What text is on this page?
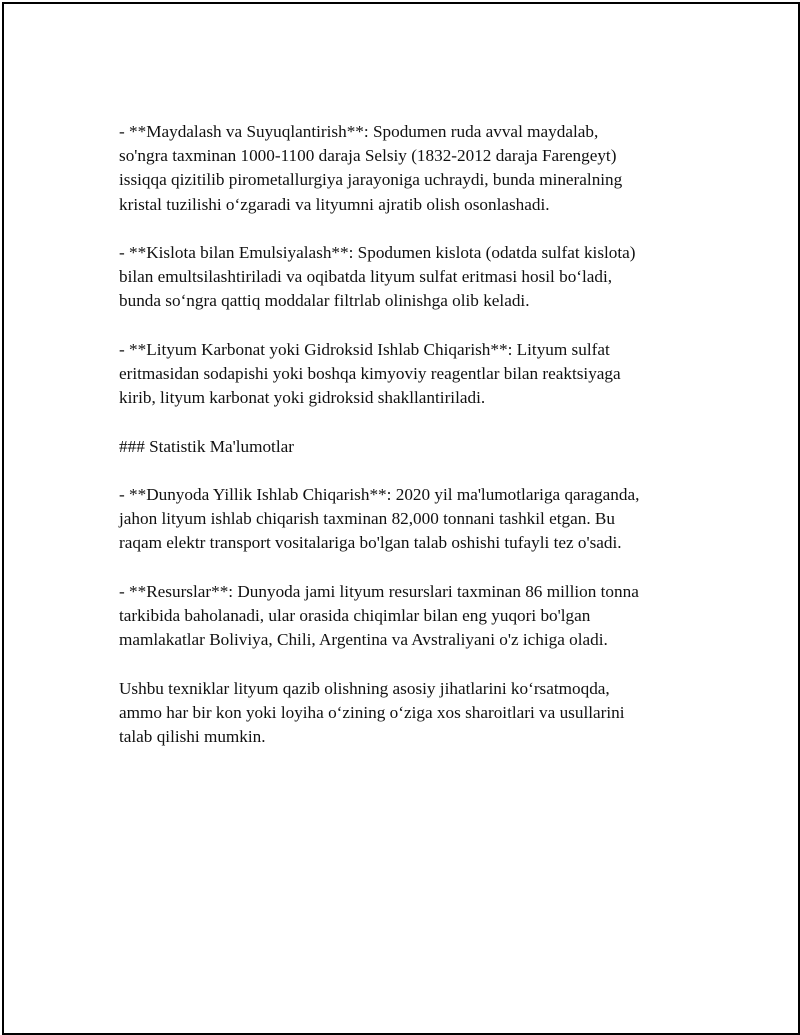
- **Maydalash va Suyuqlantirish**: Spodumen ruda avval maydalab,
so'ngra taxminan 1000-1100 daraja Selsiy (1832-2012 daraja Farengeyt)
issiqqa qizitilib pirometallurgiya jarayoniga uchraydi, bunda mineralning
kristal tuzilishi o‘zgaradi va lityumni ajratib olish osonlashadi.

- **Kislota bilan Emulsiyalash**: Spodumen kislota (odatda sulfat kislota)
bilan emultsilashtiriladi va oqibatda lityum sulfat eritmasi hosil bo‘ladi,
bunda so‘ngra qattiq moddalar filtrlab olinishga olib keladi.

- **Lityum Karbonat yoki Gidroksid Ishlab Chiqarish**: Lityum sulfat
eritmasidan sodapishi yoki boshqa kimyoviy reagentlar bilan reaktsiyaga
kirib, lityum karbonat yoki gidroksid shakllantiriladi.

### Statistik Ma'lumotlar

- **Dunyoda Yillik Ishlab Chiqarish**: 2020 yil ma'lumotlariga qaraganda,
jahon lityum ishlab chiqarish taxminan 82,000 tonnani tashkil etgan. Bu
raqam elektr transport vositalariga bo'lgan talab oshishi tufayli tez o'sadi.

- **Resurslar**: Dunyoda jami lityum resurslari taxminan 86 million tonna
tarkibida baholanadi, ular orasida chiqimlar bilan eng yuqori bo'lgan
mamlakatlar Boliviya, Chili, Argentina va Avstraliyani o'z ichiga oladi.

Ushbu texniklar lityum qazib olishning asosiy jihatlarini ko‘rsatmoqda,
ammo har bir kon yoki loyiha o‘zining o‘ziga xos sharoitlari va usullarini
talab qilishi mumkin.
